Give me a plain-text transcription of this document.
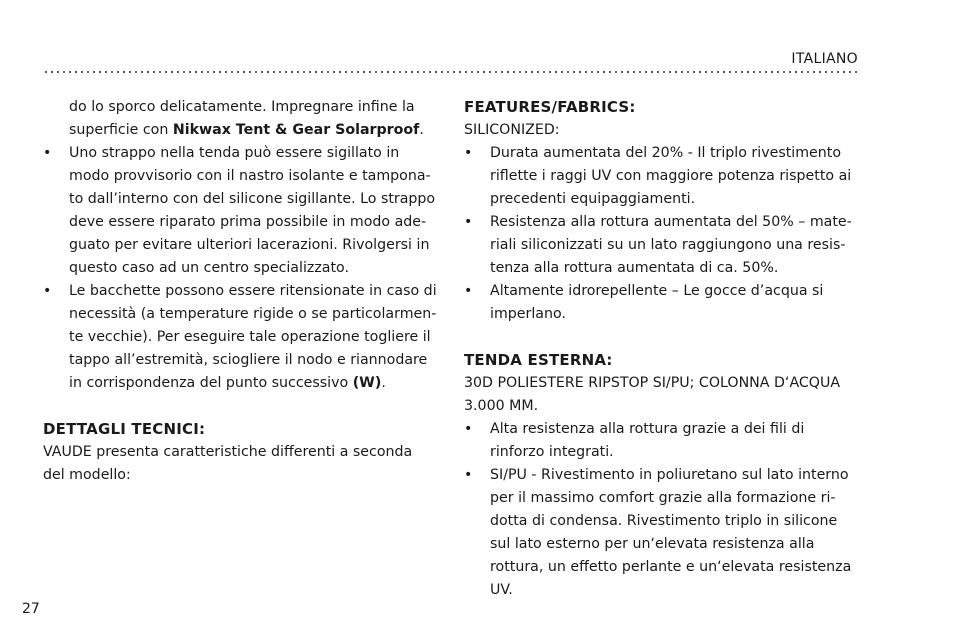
ITALIANO
do lo sporco delicatamente. Impregnare infine la superficie con Nikwax Tent & Gear Solarproof.
• Uno strappo nella tenda può essere sigillato in modo provvisorio con il nastro isolante e tampona-to dall’interno con del silicone sigillante. Lo strappo deve essere riparato prima possibile in modo ade-guato per evitare ulteriori lacerazioni. Rivolgersi in questo caso ad un centro specializzato.
• Le bacchette possono essere ritensionate in caso di necessità (a temperature rigide o se particolarmen-te vecchie). Per eseguire tale operazione togliere il tappo all’estremità, sciogliere il nodo e riannodare in corrispondenza del punto successivo (W).
DETTAGLI TECNICI:
VAUDE presenta caratteristiche differenti a seconda del modello:
FEATURES/FABRICS:
SILICONIZED:
• Durata aumentata del 20% - Il triplo rivestimento riflette i raggi UV con maggiore potenza rispetto ai precedenti equipaggiamenti.
• Resistenza alla rottura aumentata del 50% – mate-riali siliconizzati su un lato raggiungono una resis-tenza alla rottura aumentata di ca. 50%.
• Altamente idrorepellente – Le gocce d’acqua si imperlano.
TENDA ESTERNA:
30D POLIESTERE RIPSTOP SI/PU; COLONNA D‘ACQUA 3.000 MM.
• Alta resistenza alla rottura grazie a dei fili di rinforzo integrati.
• SI/PU - Rivestimento in poliuretano sul lato interno per il massimo comfort grazie alla formazione ri-dotta di condensa. Rivestimento triplo in silicone sul lato esterno per un‘elevata resistenza alla rottura, un effetto perlante e un‘elevata resistenza UV.
27
